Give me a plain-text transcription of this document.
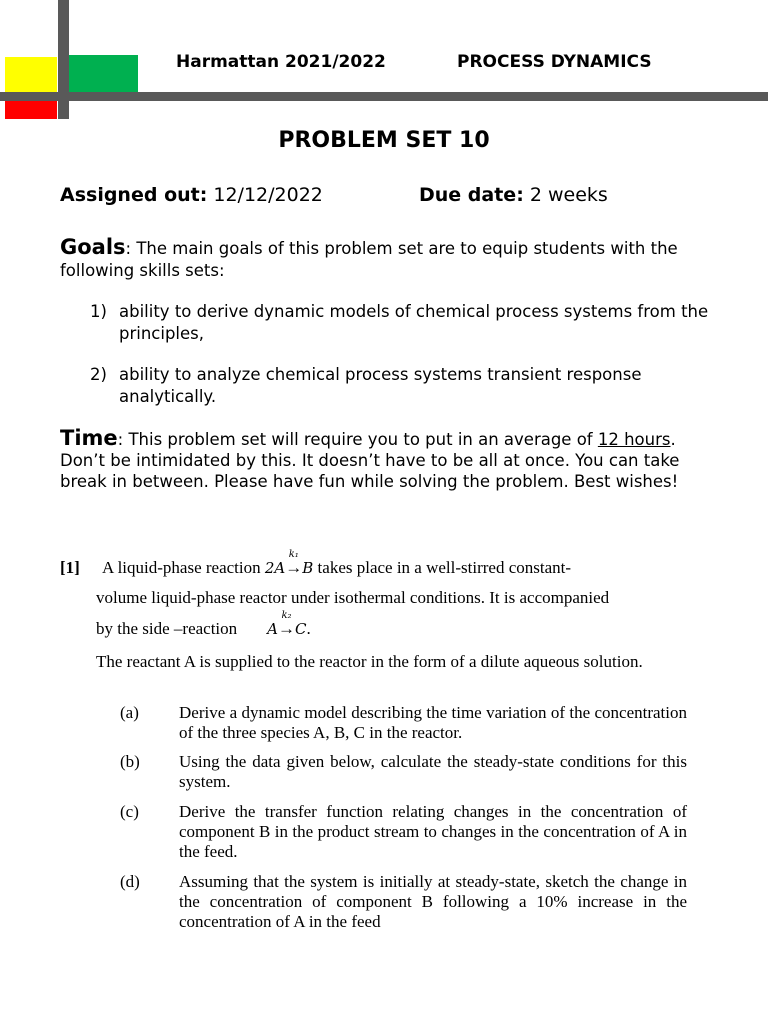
Harmattan 2021/2022	PROCESS DYNAMICS
PROBLEM SET 10
Assigned out: 12/12/2022	Due date: 2 weeks
Goals: The main goals of this problem set are to equip students with the following skills sets:
1) ability to derive dynamic models of chemical process systems from the principles,
2) ability to analyze chemical process systems transient response analytically.
Time: This problem set will require you to put in an average of 12 hours. Don’t be intimidated by this. It doesn’t have to be all at once. You can take break in between. Please have fun while solving the problem. Best wishes!
[1] A liquid-phase reaction 2A→
k₁
B takes place in a well-stirred constant-
volume liquid-phase reactor under isothermal conditions. It is accompanied
by the side –reaction A→
k₂
C.
The reactant A is supplied to the reactor in the form of a dilute aqueous solution.
(a) Derive a dynamic model describing the time variation of the concentration of the three species A, B, C in the reactor.
(b) Using the data given below, calculate the steady-state conditions for this system.
(c) Derive the transfer function relating changes in the concentration of component B in the product stream to changes in the concentration of A in the feed.
(d) Assuming that the system is initially at steady-state, sketch the change in the concentration of component B following a 10% increase in the concentration of A in the feed
